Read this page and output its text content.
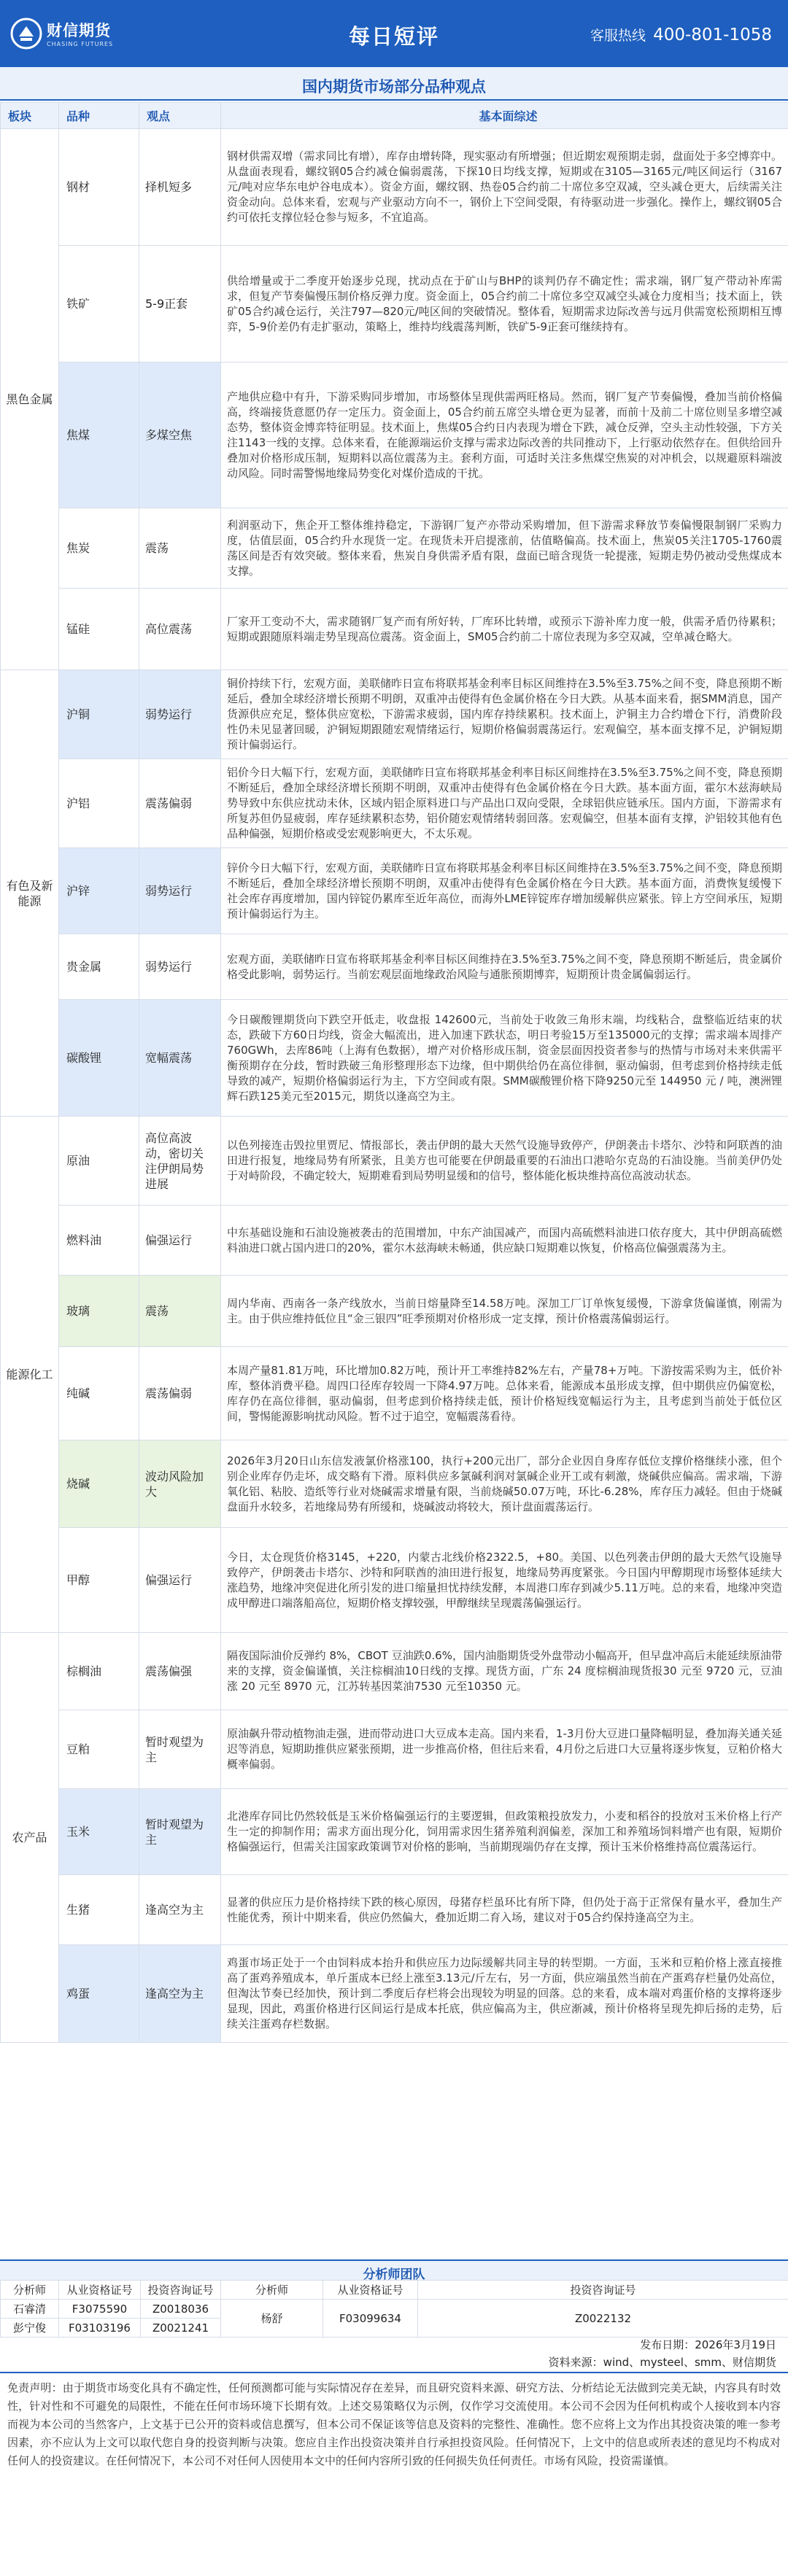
财信期货
CHASING FUTURES	每日短评	客服热线 400-801-1058
国内期货市场部分品种观点
板块	品种	观点	基本面综述
黑色金属	钢材	择机短多	钢材供需双增（需求同比有增），库存由增转降，现实驱动有所增强；但近期宏观预期走弱，盘面处于多空博弈中。从盘面表现看，螺纹钢05合约减仓偏弱震荡，下探10日均线支撑，短期或在3105—3165元/吨区间运行（3167元/吨对应华东电炉谷电成本）。资金方面，螺纹钢、热卷05合约前二十席位多空双减，空头减仓更大，后续需关注资金动向。总体来看，宏观与产业驱动方向不一，钢价上下空间受限，有待驱动进一步强化。操作上，螺纹钢05合约可依托支撑位轻仓参与短多，不宜追高。
	铁矿	5-9正套	供给增量或于二季度开始逐步兑现，扰动点在于矿山与BHP的谈判仍存不确定性；需求端，钢厂复产带动补库需求，但复产节奏偏慢压制价格反弹力度。资金面上，05合约前二十席位多空双减空头减仓力度相当；技术面上，铁矿05合约减仓运行，关注797—820元/吨区间的突破情况。整体看，短期需求边际改善与远月供需宽松预期相互博弈，5-9价差仍有走扩驱动，策略上，维持均线震荡判断，铁矿5-9正套可继续持有。
	焦煤	多煤空焦	产地供应稳中有升，下游采购同步增加，市场整体呈现供需两旺格局。然而，钢厂复产节奏偏慢，叠加当前价格偏高，终端接货意愿仍存一定压力。资金面上，05合约前五席空头增仓更为显著，而前十及前二十席位则呈多增空减态势，整体资金博弈特征明显。技术面上，焦煤05合约日内表现为增仓下跌，减仓反弹，空头主动性较强，下方关注1143一线的支撑。总体来看，在能源端运价支撑与需求边际改善的共同推动下，上行驱动依然存在。但供给回升叠加对价格形成压制，短期料以高位震荡为主。套利方面，可适时关注多焦煤空焦炭的对冲机会，以规避原料端波动风险。同时需警惕地缘局势变化对煤价造成的干扰。
	焦炭	震荡	利润驱动下，焦企开工整体维持稳定，下游钢厂复产亦带动采购增加，但下游需求释放节奏偏慢限制钢厂采购力度，估值层面，05合约升水现货一定。在现货未开启提涨前，估值略偏高。技术面上，焦炭05关注1705-1760震荡区间是否有效突破。整体来看，焦炭自身供需矛盾有限，盘面已暗含现货一轮提涨，短期走势仍被动受焦煤成本支撑。
	锰硅	高位震荡	厂家开工变动不大，需求随钢厂复产而有所好转，厂库环比转增，或预示下游补库力度一般，供需矛盾仍待累积；短期或跟随原料端走势呈现高位震荡。资金面上，SM05合约前二十席位表现为多空双减，空单减仓略大。
有色及新能源	沪铜	弱势运行	铜价持续下行，宏观方面，美联储昨日宣布将联邦基金利率目标区间维持在3.5%至3.75%之间不变，降息预期不断延后，叠加全球经济增长预期不明朗，双重冲击使得有色金属价格在今日大跌。从基本面来看，据SMM消息，国产货源供应充足，整体供应宽松，下游需求疲弱，国内库存持续累积。技术面上，沪铜主力合约增仓下行，消费阶段性仍未见显著回暖，沪铜短期跟随宏观情绪运行，短期价格偏弱震荡运行。宏观偏空，基本面支撑不足，沪铜短期预计偏弱运行。
	沪铝	震荡偏弱	铝价今日大幅下行，宏观方面，美联储昨日宣布将联邦基金利率目标区间维持在3.5%至3.75%之间不变，降息预期不断延后，叠加全球经济增长预期不明朗，双重冲击使得有色金属价格在今日大跌。基本面方面，霍尔木兹海峡局势导致中东供应扰动未休，区域内铝企原料进口与产品出口双向受限，全球铝供应链承压。国内方面，下游需求有所复苏但仍显疲弱，库存延续累积态势，铝价随宏观情绪转弱回落。宏观偏空，但基本面有支撑，沪铝较其他有色品种偏强，短期价格或受宏观影响更大，不太乐观。
	沪锌	弱势运行	锌价今日大幅下行，宏观方面，美联储昨日宣布将联邦基金利率目标区间维持在3.5%至3.75%之间不变，降息预期不断延后，叠加全球经济增长预期不明朗，双重冲击使得有色金属价格在今日大跌。基本面方面，消费恢复缓慢下社会库存再度增加，国内锌锭仍累库至近年高位，而海外LME锌锭库存增加缓解供应紧张。锌上方空间承压，短期预计偏弱运行为主。
	贵金属	弱势运行	宏观方面，美联储昨日宣布将联邦基金利率目标区间维持在3.5%至3.75%之间不变，降息预期不断延后，贵金属价格受此影响，弱势运行。当前宏观层面地缘政治风险与通胀预期博弈，短期预计贵金属偏弱运行。
	碳酸锂	宽幅震荡	今日碳酸锂期货向下跌空开低走，收盘报 142600元，当前处于收敛三角形末端，均线粘合，盘整临近结束的状态，跌破下方60日均线，资金大幅流出，进入加速下跌状态，明日考验15万至135000元的支撑；需求端本周排产760GWh，去库86吨（上海有色数据），增产对价格形成压制，资金层面因投资者参与的热情与市场对未来供需平衡预期存在分歧，暂时跌破三角形整理形态下边缘，但中期供给仍在高位徘徊，驱动偏弱，但考虑到价格持续走低导致的减产，短期价格偏弱运行为主，下方空间或有限。SMM碳酸锂价格下降9250元至 144950 元 / 吨，澳洲锂辉石跌125美元至2015元，期货以逢高空为主。
能源化工	原油	高位高波动，密切关注伊朗局势进展	以色列接连击毁拉里贾尼、情报部长，袭击伊朗的最大天然气设施导致停产，伊朗袭击卡塔尔、沙特和阿联酋的油田进行报复，地缘局势有所紧张，且美方也可能要在伊朗最重要的石油出口港哈尔克岛的石油设施。当前美伊仍处于对峙阶段，不确定较大，短期难看到局势明显缓和的信号，整体能化板块维持高位高波动状态。
	燃料油	偏强运行	中东基础设施和石油设施被袭击的范围增加，中东产油国减产，而国内高硫燃料油进口依存度大，其中伊朗高硫燃料油进口就占国内进口的20%，霍尔木兹海峡未畅通，供应缺口短期难以恢复，价格高位偏强震荡为主。
	玻璃	震荡	周内华南、西南各一条产线放水，当前日熔量降至14.58万吨。深加工厂订单恢复缓慢，下游拿货偏谨慎，刚需为主。由于供应维持低位且“金三银四”旺季预期对价格形成一定支撑，预计价格震荡偏弱运行。
	纯碱	震荡偏弱	本周产量81.81万吨，环比增加0.82万吨，预计开工率维持82%左右，产量78+万吨。下游按需采购为主，低价补库，整体消费平稳。周四口径库存较周一下降4.97万吨。总体来看，能源成本虽形成支撑，但中期供应仍偏宽松，库存仍在高位徘徊，驱动偏弱，但考虑到价格持续走低，预计价格短线宽幅运行为主，且考虑到当前处于低位区间，警惕能源影响扰动风险。暂不过于追空，宽幅震荡看待。
	烧碱	波动风险加大	2026年3月20日山东信发液氯价格涨100，执行+200元出厂，部分企业因自身库存低位支撑价格继续小涨，但个别企业库存仍走坏，成交略有下滑。原料供应多氯碱利润对氯碱企业开工或有刺激，烧碱供应偏高。需求端，下游氧化铝、粘胶、造纸等行业对烧碱需求增量有限，当前烧碱50.07万吨，环比-6.28%，库存压力减轻。但由于烧碱盘面升水较多，若地缘局势有所缓和，烧碱波动将较大，预计盘面震荡运行。
	甲醇	偏强运行	今日，太仓现货价格3145，+220，内蒙古北线价格2322.5，+80。美国、以色列袭击伊朗的最大天然气设施导致停产，伊朗袭击卡塔尔、沙特和阿联酋的油田进行报复，地缘局势再度紧张。今日国内甲醇期现市场整体延续大涨趋势，地缘冲突促进化所引发的进口缩量担忧持续发酵，本周港口库存到减少5.11万吨。总的来看，地缘冲突造成甲醇进口端落船高位，短期价格支撑较强，甲醇继续呈现震荡偏强运行。
农产品	棕榈油	震荡偏强	隔夜国际油价反弹约 8%，CBOT 豆油跌0.6%，国内油脂期货受外盘带动小幅高开，但早盘冲高后未能延续原油带来的支撑，资金偏谨慎，关注棕榈油10日线的支撑。现货方面，广东 24 度棕榈油现货报30 元至 9720 元，豆油涨 20 元至 8970 元，江苏转基因菜油7530 元至10350 元。
	豆粕	暂时观望为主	原油飙升带动植物油走强，进而带动进口大豆成本走高。国内来看，1-3月份大豆进口量降幅明显，叠加海关通关延迟等消息，短期助推供应紧张预期，进一步推高价格，但往后来看，4月份之后进口大豆量将逐步恢复，豆粕价格大概率偏弱。
	玉米	暂时观望为主	北港库存同比仍然较低是玉米价格偏强运行的主要逻辑，但政策粮投放发力，小麦和稻谷的投放对玉米价格上行产生一定的抑制作用；需求方面出现分化，饲用需求因生猪养殖利润偏差，深加工和养殖场饲料增产也有限，短期价格偏强运行，但需关注国家政策调节对价格的影响，当前期现端仍存在支撑，预计玉米价格维持高位震荡运行。
	生猪	逢高空为主	显著的供应压力是价格持续下跌的核心原因，母猪存栏虽环比有所下降，但仍处于高于正常保有量水平，叠加生产性能优秀，预计中期来看，供应仍然偏大，叠加近期二育入场，建议对于05合约保持逢高空为主。
	鸡蛋	逢高空为主	鸡蛋市场正处于一个由饲料成本抬升和供应压力边际缓解共同主导的转型期。一方面，玉米和豆粕价格上涨直接推高了蛋鸡养殖成本，单斤蛋成本已经上涨至3.13元/斤左右，另一方面，供应端虽然当前在产蛋鸡存栏量仍处高位，但淘汰节奏已经加快，预计到二季度后存栏将会出现较为明显的回落。总的来看，成本端对鸡蛋价格的支撑将逐步显现，因此，鸡蛋价格进行区间运行是成本托底，供应偏高为主，供应渐减，预计价格将呈现先抑后扬的走势，后续关注蛋鸡存栏数据。
分析师团队
分析师	从业资格证号	投资咨询证号	分析师	从业资格证号	投资咨询证号
石睿清	F3075590	Z0018036	杨舒	F03099634	Z0022132
彭宁俊	F03103196	Z0021241			
发布日期：2026年3月19日
资料来源：wind、mysteel、smm、财信期货
免责声明：由于期货市场变化具有不确定性，任何预测都可能与实际情况存在差异，而且研究资料来源、研究方法、分析结论无法做到完美无缺，内容具有时效性，针对性和不可避免的局限性，不能在任何市场环境下长期有效。上述交易策略仅为示例，仅作学习交流使用。本公司不会因为任何机构或个人接收到本内容而视为本公司的当然客户，上文基于已公开的资料或信息撰写，但本公司不保证该等信息及资料的完整性、准确性。您不应将上文为作出其投资决策的唯一参考因素，亦不应认为上文可以取代您自身的投资判断与决策。您应自主作出投资决策并自行承担投资风险。任何情况下，上文中的信息或所表述的意见均不构成对任何人的投资建议。在任何情况下，本公司不对任何人因使用本文中的任何内容所引致的任何损失负任何责任。市场有风险，投资需谨慎。
